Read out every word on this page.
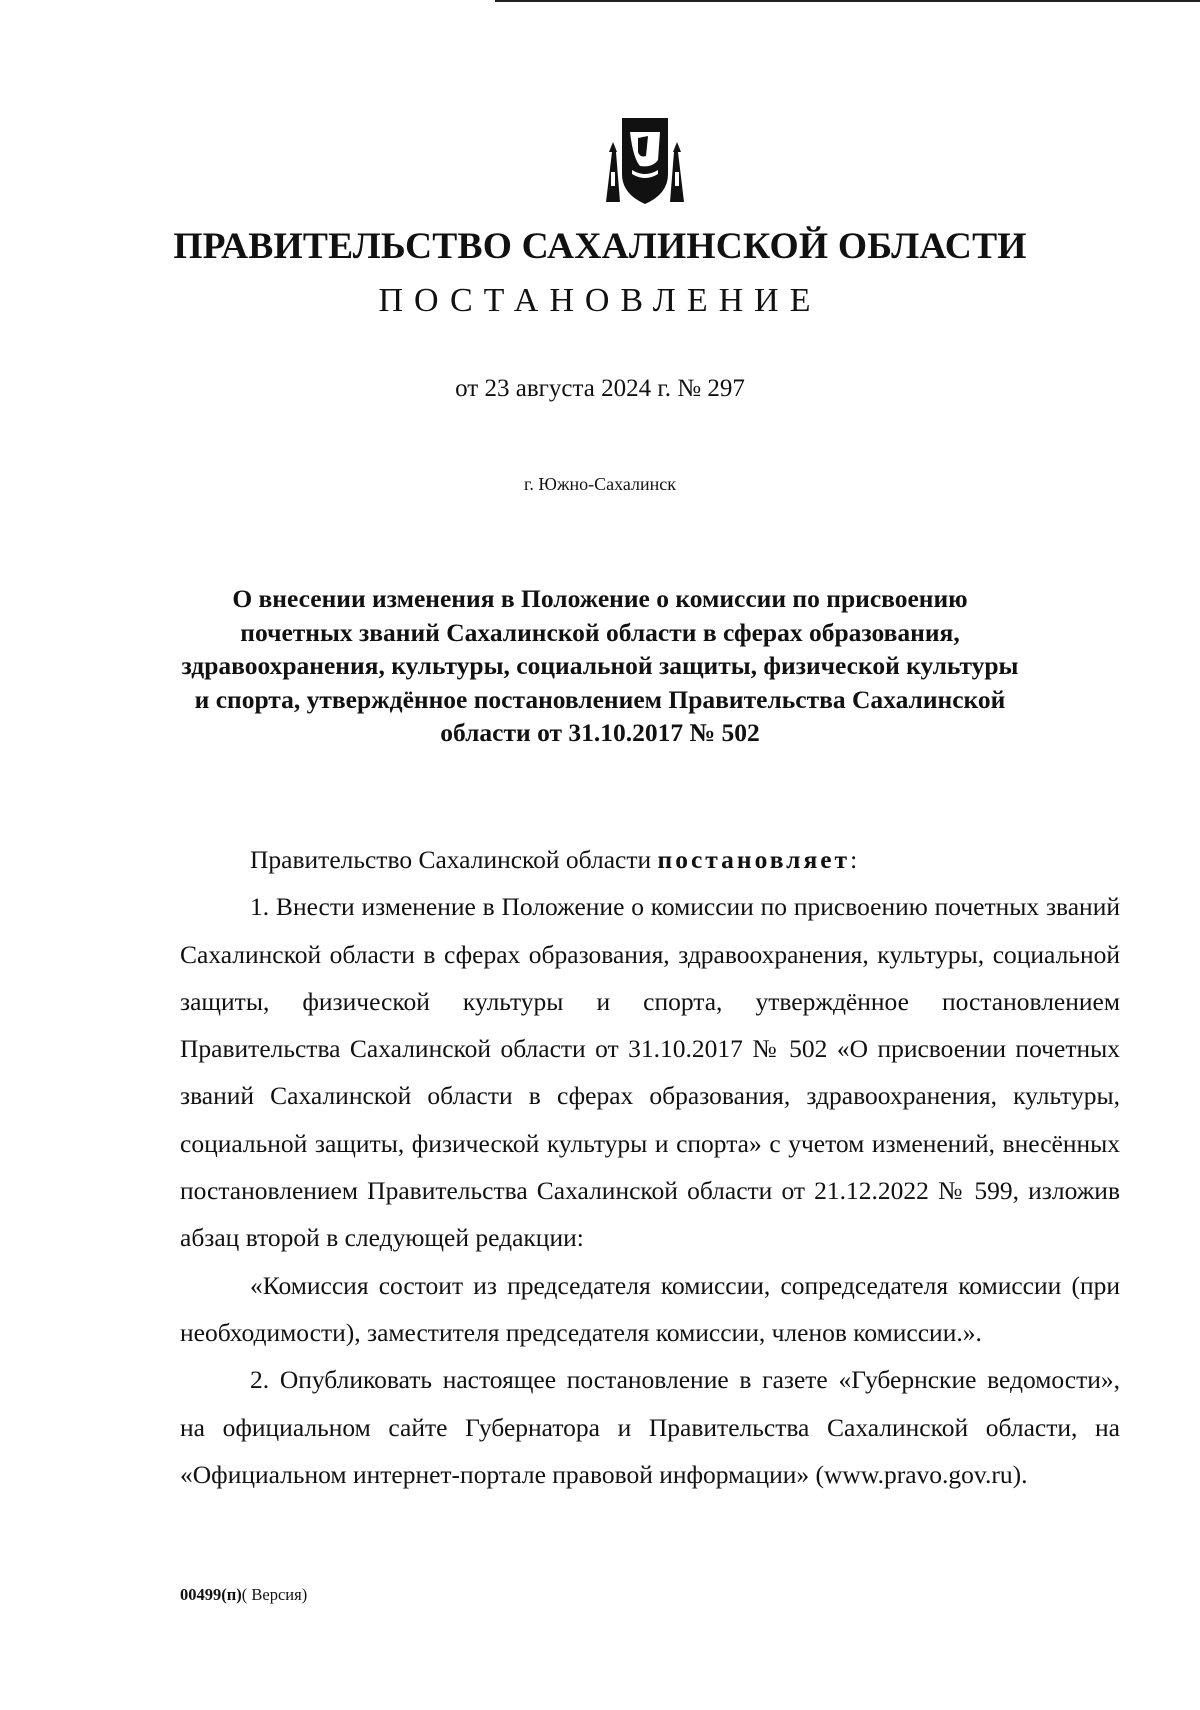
ПРАВИТЕЛЬСТВО САХАЛИНСКОЙ ОБЛАСТИ
ПОСТАНОВЛЕНИЕ
от 23 августа 2024 г. № 297
г. Южно-Сахалинск
О внесении изменения в Положение о комиссии по присвоению
почетных званий Сахалинской области в сферах образования,
здравоохранения, культуры, социальной защиты, физической культуры
и спорта, утверждённое постановлением Правительства Сахалинской
области от 31.10.2017 № 502

Правительство Сахалинской области постановляет:

1. Внести изменение в Положение о комиссии по присвоению почетных званий Сахалинской области в сферах образования, здравоохранения, культуры, социальной защиты, физической культуры и спорта, утверждённое постановлением Правительства Сахалинской области от 31.10.2017 № 502 «О присвоении почетных званий Сахалинской области в сферах образования, здравоохранения, культуры, социальной защиты, физической культуры и спорта» с учетом изменений, внесённых постановлением Правительства Сахалинской области от 21.12.2022 № 599, изложив абзац второй в следующей редакции:

«Комиссия состоит из председателя комиссии, сопредседателя комиссии (при необходимости), заместителя председателя комиссии, членов комиссии.».

2. Опубликовать настоящее постановление в газете «Губернские ведомости», на официальном сайте Губернатора и Правительства Сахалинской области, на «Официальном интернет-портале правовой информации» (www.pravo.gov.ru).

00499(п)( Версия)
